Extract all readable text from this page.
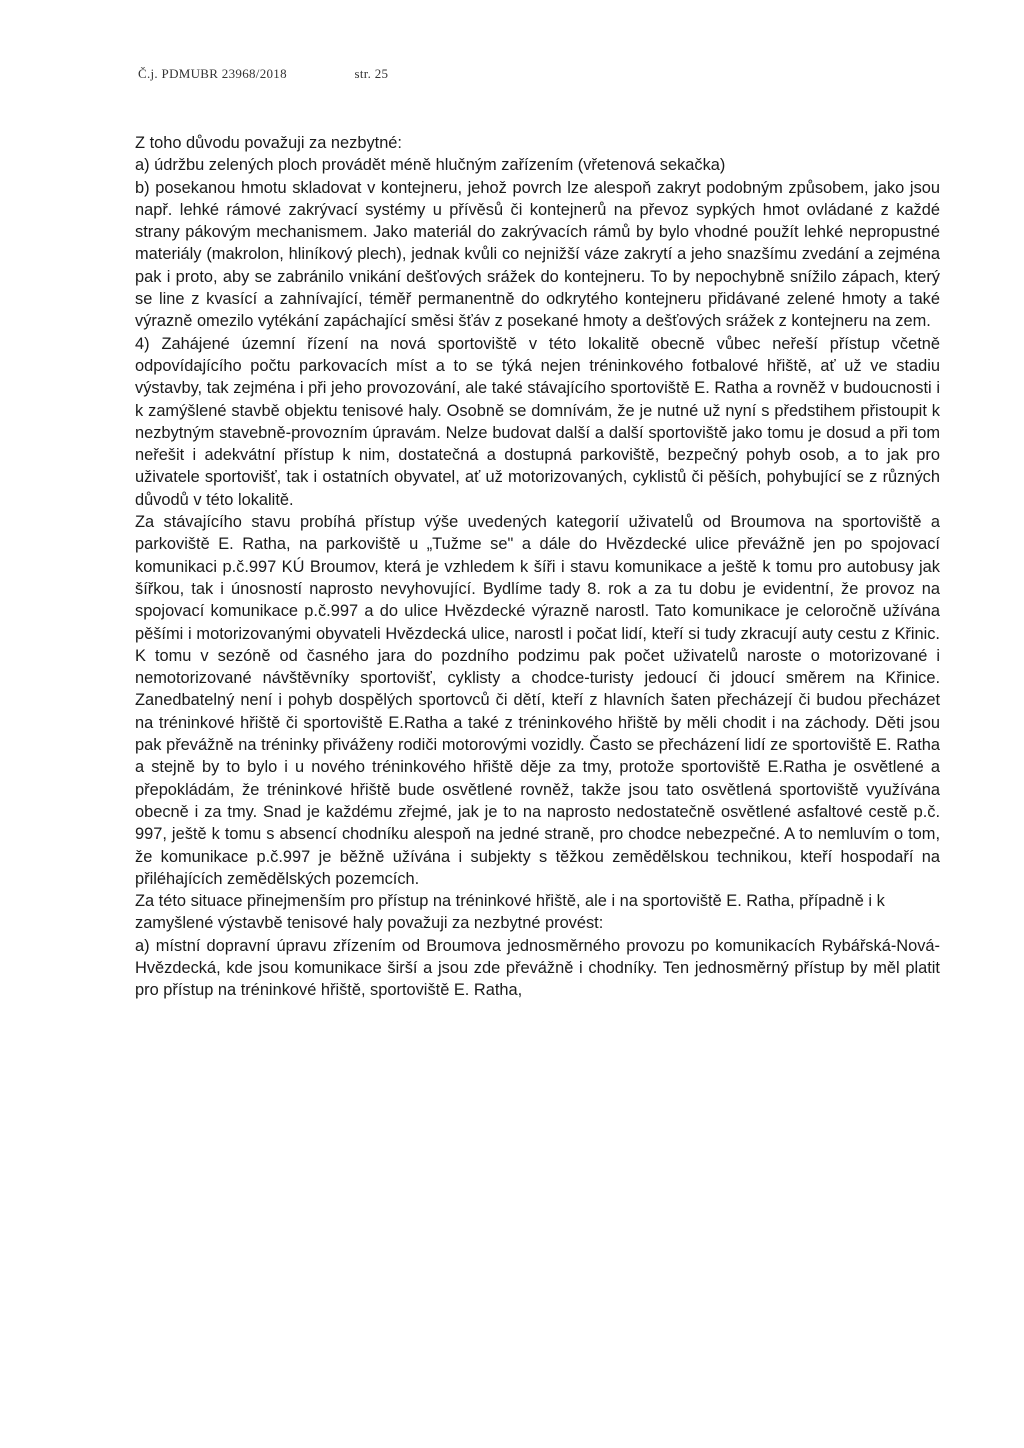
Č.j. PDMUBR 23968/2018	str. 25

Z toho důvodu považuji za nezbytné:

a) údržbu zelených ploch provádět méně hlučným zařízením (vřetenová sekačka)

b) posekanou hmotu skladovat v kontejneru, jehož povrch lze alespoň zakryt podobným způsobem, jako jsou např. lehké rámové zakrývací systémy u přívěsů či kontejnerů na převoz sypkých hmot ovládané z každé strany pákovým mechanismem. Jako materiál do zakrývacích rámů by bylo vhodné použít lehké nepropustné materiály (makrolon, hliníkový plech), jednak kvůli co nejnižší váze zakrytí a jeho snazšímu zvedání a zejména pak i proto, aby se zabránilo vnikání dešťových srážek do kontejneru. To by nepochybně snížilo zápach, který se line z kvasící a zahnívající, téměř permanentně do odkrytého kontejneru přidávané zelené hmoty a také výrazně omezilo vytékání zapáchající směsi šťáv z posekané hmoty a dešťových srážek z kontejneru na zem.

4) Zahájené územní řízení na nová sportoviště v této lokalitě obecně vůbec neřeší přístup včetně odpovídajícího počtu parkovacích míst a to se týká nejen tréninkového fotbalové hřiště, ať už ve stadiu výstavby, tak zejména i při jeho provozování, ale také stávajícího sportoviště E. Ratha a rovněž v budoucnosti i k zamýšlené stavbě objektu tenisové haly. Osobně se domnívám, že je nutné už nyní s předstihem přistoupit k nezbytným stavebně-provozním úpravám. Nelze budovat další a další sportoviště jako tomu je dosud a při tom neřešit i adekvátní přístup k nim, dostatečná a dostupná parkoviště, bezpečný pohyb osob, a to jak pro uživatele sportovišť, tak i ostatních obyvatel, ať už motorizovaných, cyklistů či pěších, pohybující se z různých důvodů v této lokalitě.

Za stávajícího stavu probíhá přístup výše uvedených kategorií uživatelů od Broumova na sportoviště a parkoviště E. Ratha, na parkoviště u „Tužme se" a dále do Hvězdecké ulice převážně jen po spojovací komunikaci p.č.997 KÚ Broumov, která je vzhledem k šíři i stavu komunikace a ještě k tomu pro autobusy jak šířkou, tak i únosností naprosto nevyhovující. Bydlíme tady 8. rok a za tu dobu je evidentní, že provoz na spojovací komunikace p.č.997 a do ulice Hvězdecké výrazně narostl. Tato komunikace je celoročně užívána pěšími i motorizovanými obyvateli Hvězdecká ulice, narostl i počat lidí, kteří si tudy zkracují auty cestu z Křinic. K tomu v sezóně od časného jara do pozdního podzimu pak počet uživatelů naroste o motorizované i nemotorizované návštěvníky sportovišť, cyklisty a chodce-turisty jedoucí či jdoucí směrem na Křinice. Zanedbatelný není i pohyb dospělých sportovců či dětí, kteří z hlavních šaten přecházejí či budou přecházet na tréninkové hřiště či sportoviště E.Ratha a také z tréninkového hřiště by měli chodit i na záchody. Děti jsou pak převážně na tréninky přiváženy rodiči motorovými vozidly. Často se přecházení lidí ze sportoviště E. Ratha a stejně by to bylo i u nového tréninkového hřiště děje za tmy, protože sportoviště E.Ratha je osvětlené a přepokládám, že tréninkové hřiště bude osvětlené rovněž, takže jsou tato osvětlená sportoviště využívána obecně i za tmy. Snad je každému zřejmé, jak je to na naprosto nedostatečně osvětlené asfaltové cestě p.č. 997, ještě k tomu s absencí chodníku alespoň na jedné straně, pro chodce nebezpečné. A to nemluvím o tom, že komunikace p.č.997 je běžně užívána i subjekty s těžkou zemědělskou technikou, kteří hospodaří na přiléhajících zemědělských pozemcích.

Za této situace přinejmenším pro přístup na tréninkové hřiště, ale i na sportoviště E. Ratha, případně i k zamyšlené výstavbě tenisové haly považuji za nezbytné provést:

a) místní dopravní úpravu zřízením od Broumova jednosměrného provozu po komunikacích Rybářská-Nová-Hvězdecká, kde jsou komunikace širší a jsou zde převážně i chodníky. Ten jednosměrný přístup by měl platit pro přístup na tréninkové hřiště, sportoviště E. Ratha,
